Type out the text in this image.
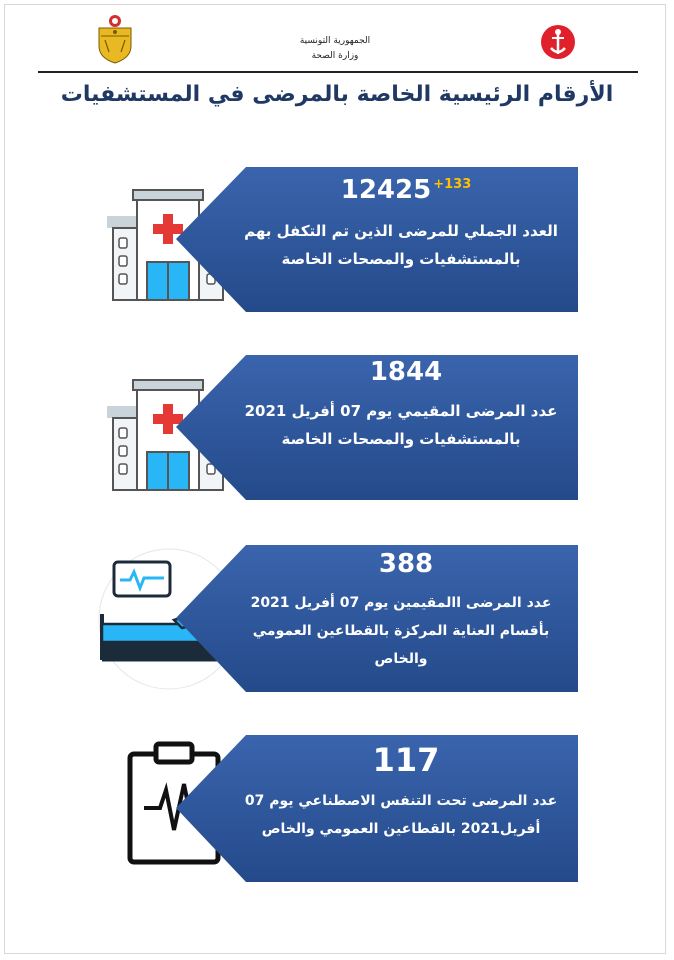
الجمهورية التونسية
وزارة الصحة
الأرقام الرئيسية الخاصة بالمرضى في المستشفيات
12425 $^{+133}$
العدد الجملي للمرضى الذين تم التكفل بهم بالمستشفيات والمصحات الخاصة
1844
عدد المرضى المقيمي يوم 07 أفريل 2021 بالمستشفيات والمصحات الخاصة
388
عدد المرضى االمقيمين يوم 07 أفريل 2021 بأقسام العناية المركزة بالقطاعين العمومي والخاص
117
عدد المرضى تحت التنفس الاصطناعي يوم 07 أفريل2021 بالقطاعين العمومي والخاص
